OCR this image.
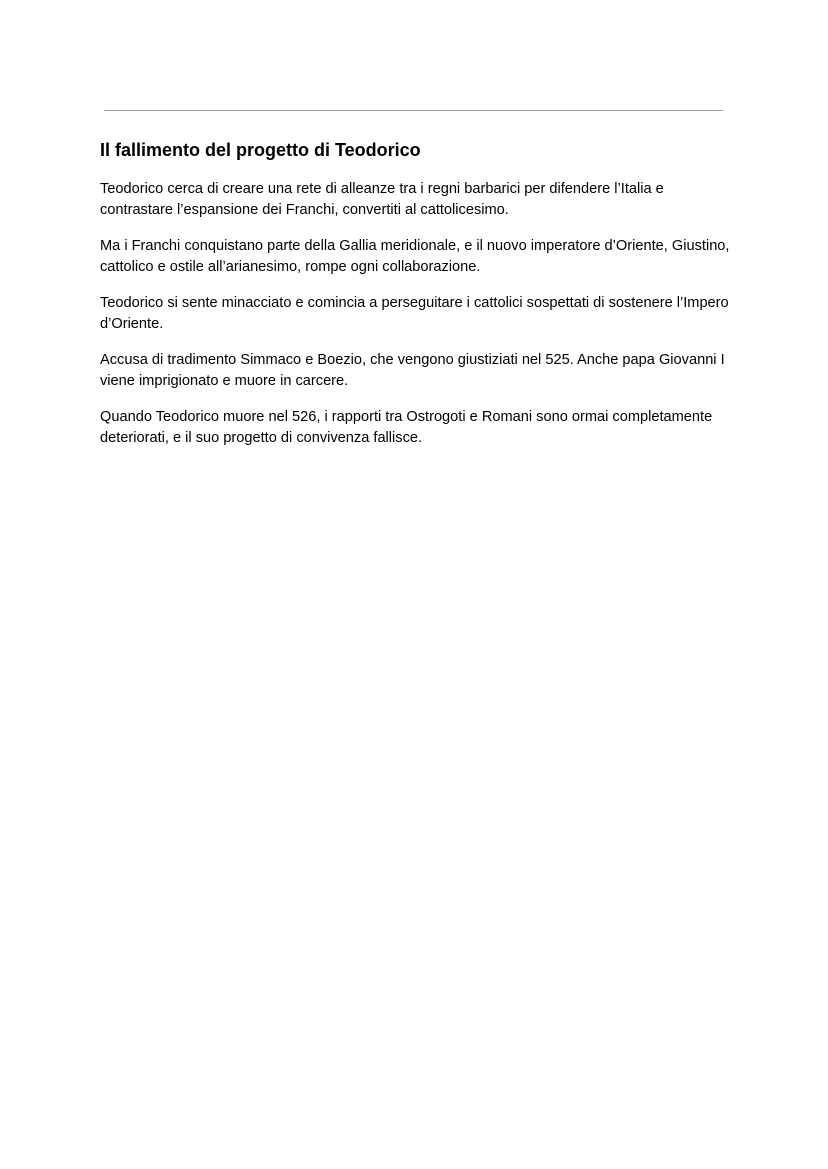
Il fallimento del progetto di Teodorico

Teodorico cerca di creare una rete di alleanze tra i regni barbarici per difendere l’Italia e contrastare l’espansione dei Franchi, convertiti al cattolicesimo.

Ma i Franchi conquistano parte della Gallia meridionale, e il nuovo imperatore d’Oriente, Giustino, cattolico e ostile all’arianesimo, rompe ogni collaborazione.

Teodorico si sente minacciato e comincia a perseguitare i cattolici sospettati di sostenere l’Impero d’Oriente.

Accusa di tradimento Simmaco e Boezio, che vengono giustiziati nel 525. Anche papa Giovanni I viene imprigionato e muore in carcere.

Quando Teodorico muore nel 526, i rapporti tra Ostrogoti e Romani sono ormai completamente deteriorati, e il suo progetto di convivenza fallisce.
